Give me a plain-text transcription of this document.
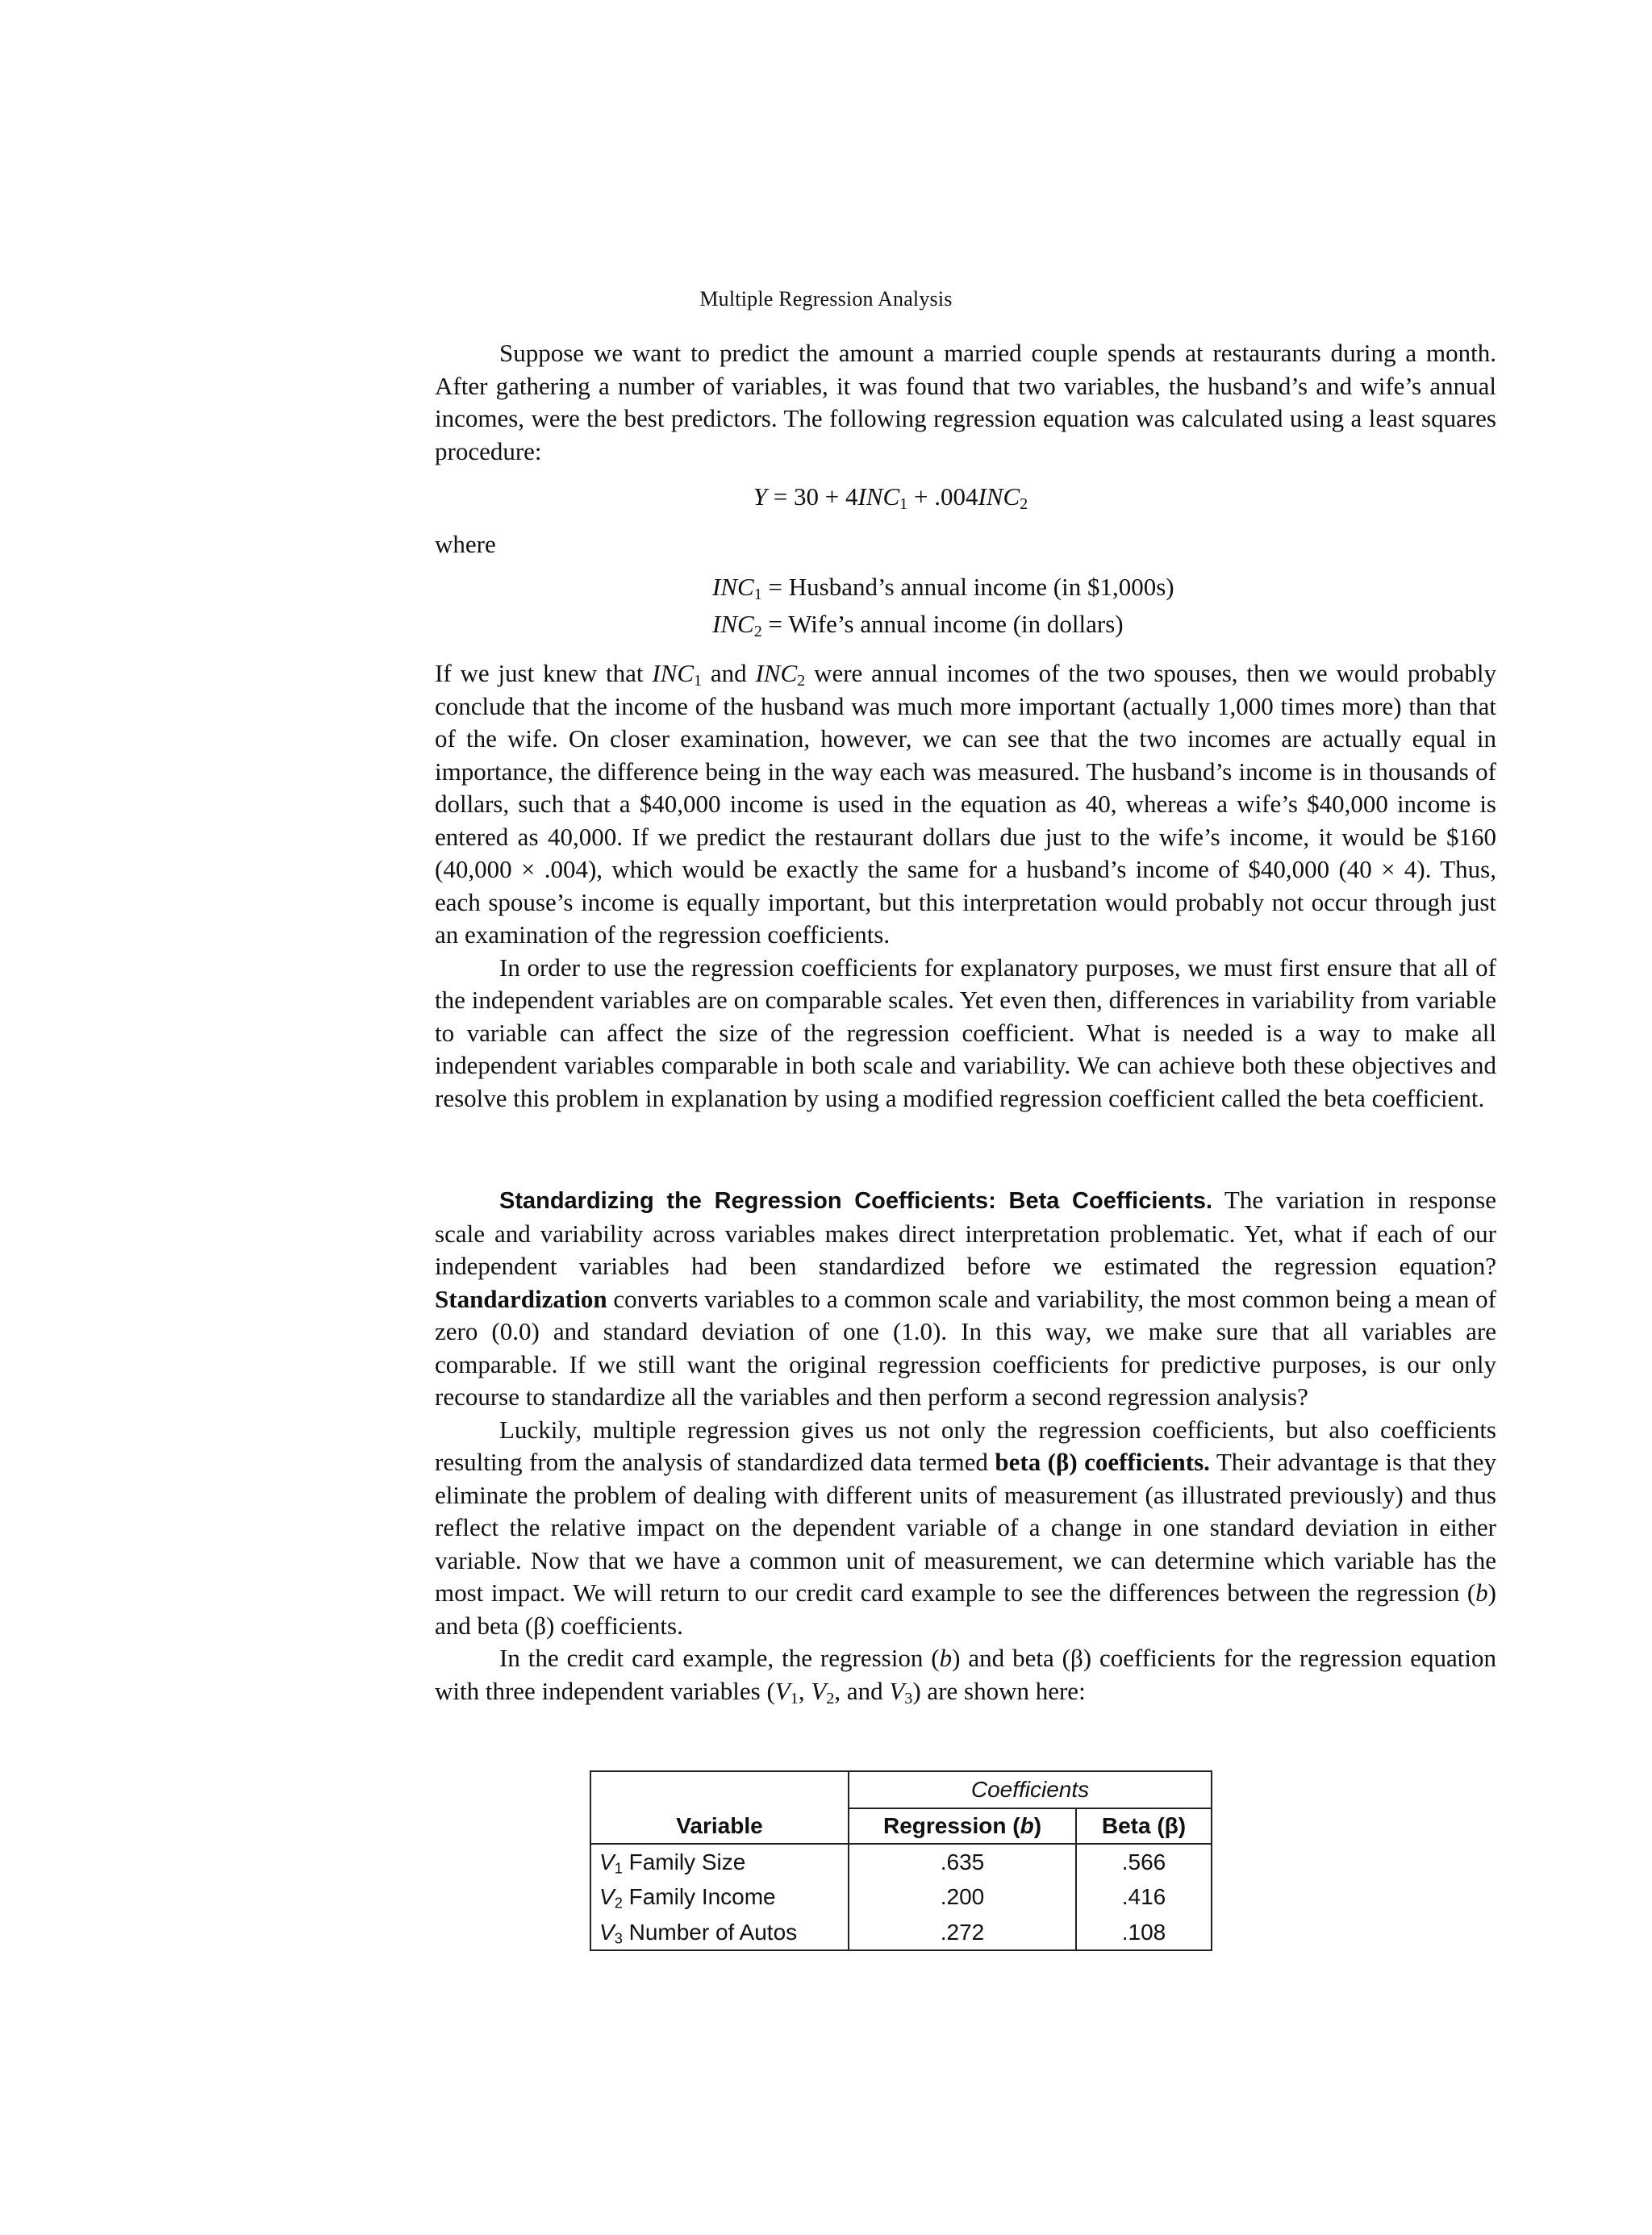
Multiple Regression Analysis

Suppose we want to predict the amount a married couple spends at restaurants during a month. After gathering a number of variables, it was found that two variables, the husband’s and wife’s annual incomes, were the best predictors. The following regression equation was calculated using a least squares procedure:

$Y = 30 + 4INC_1 + .004INC_2$
where
$INC_1$ = Husband’s annual income (in $1,000s)
$INC_2$ = Wife’s annual income (in dollars)

If we just knew that $INC_1$ and $INC_2$ were annual incomes of the two spouses, then we would probably conclude that the income of the husband was much more important (actually 1,000 times more) than that of the wife. On closer examination, however, we can see that the two incomes are actually equal in importance, the difference being in the way each was measured. The husband’s income is in thousands of dollars, such that a $40,000 income is used in the equation as 40, whereas a wife’s $40,000 income is entered as 40,000. If we predict the restaurant dollars due just to the wife’s income, it would be $160 (40,000 × .004), which would be exactly the same for a husband’s income of $40,000 (40 × 4). Thus, each spouse’s income is equally important, but this interpretation would probably not occur through just an examination of the regression coefficients.

In order to use the regression coefficients for explanatory purposes, we must first ensure that all of the independent variables are on comparable scales. Yet even then, differences in variability from variable to variable can affect the size of the regression coefficient. What is needed is a way to make all independent variables comparable in both scale and variability. We can achieve both these objectives and resolve this problem in explanation by using a modified regression coefficient called the beta coefficient.

Standardizing the Regression Coefficients: Beta Coefficients. The variation in response scale and variability across variables makes direct interpretation problematic. Yet, what if each of our independent variables had been standardized before we estimated the regression equation? Standardization converts variables to a common scale and variability, the most common being a mean of zero (0.0) and standard deviation of one (1.0). In this way, we make sure that all variables are comparable. If we still want the original regression coefficients for predictive purposes, is our only recourse to standardize all the variables and then perform a second regression analysis?

Luckily, multiple regression gives us not only the regression coefficients, but also coefficients resulting from the analysis of standardized data termed beta (β) coefficients. Their advantage is that they eliminate the problem of dealing with different units of measurement (as illustrated previously) and thus reflect the relative impact on the dependent variable of a change in one standard deviation in either variable. Now that we have a common unit of measurement, we can determine which variable has the most impact. We will return to our credit card example to see the differences between the regression (b) and beta (β) coefficients.

In the credit card example, the regression (b) and beta (β) coefficients for the regression equation with three independent variables ($V_1$, $V_2$, and $V_3$) are shown here:

	Coefficients	
Variable	Regression (b)	Beta (β)
$V_1$ Family Size	.635	.566
$V_2$ Family Income	.200	.416
$V_3$ Number of Autos	.272	.108
